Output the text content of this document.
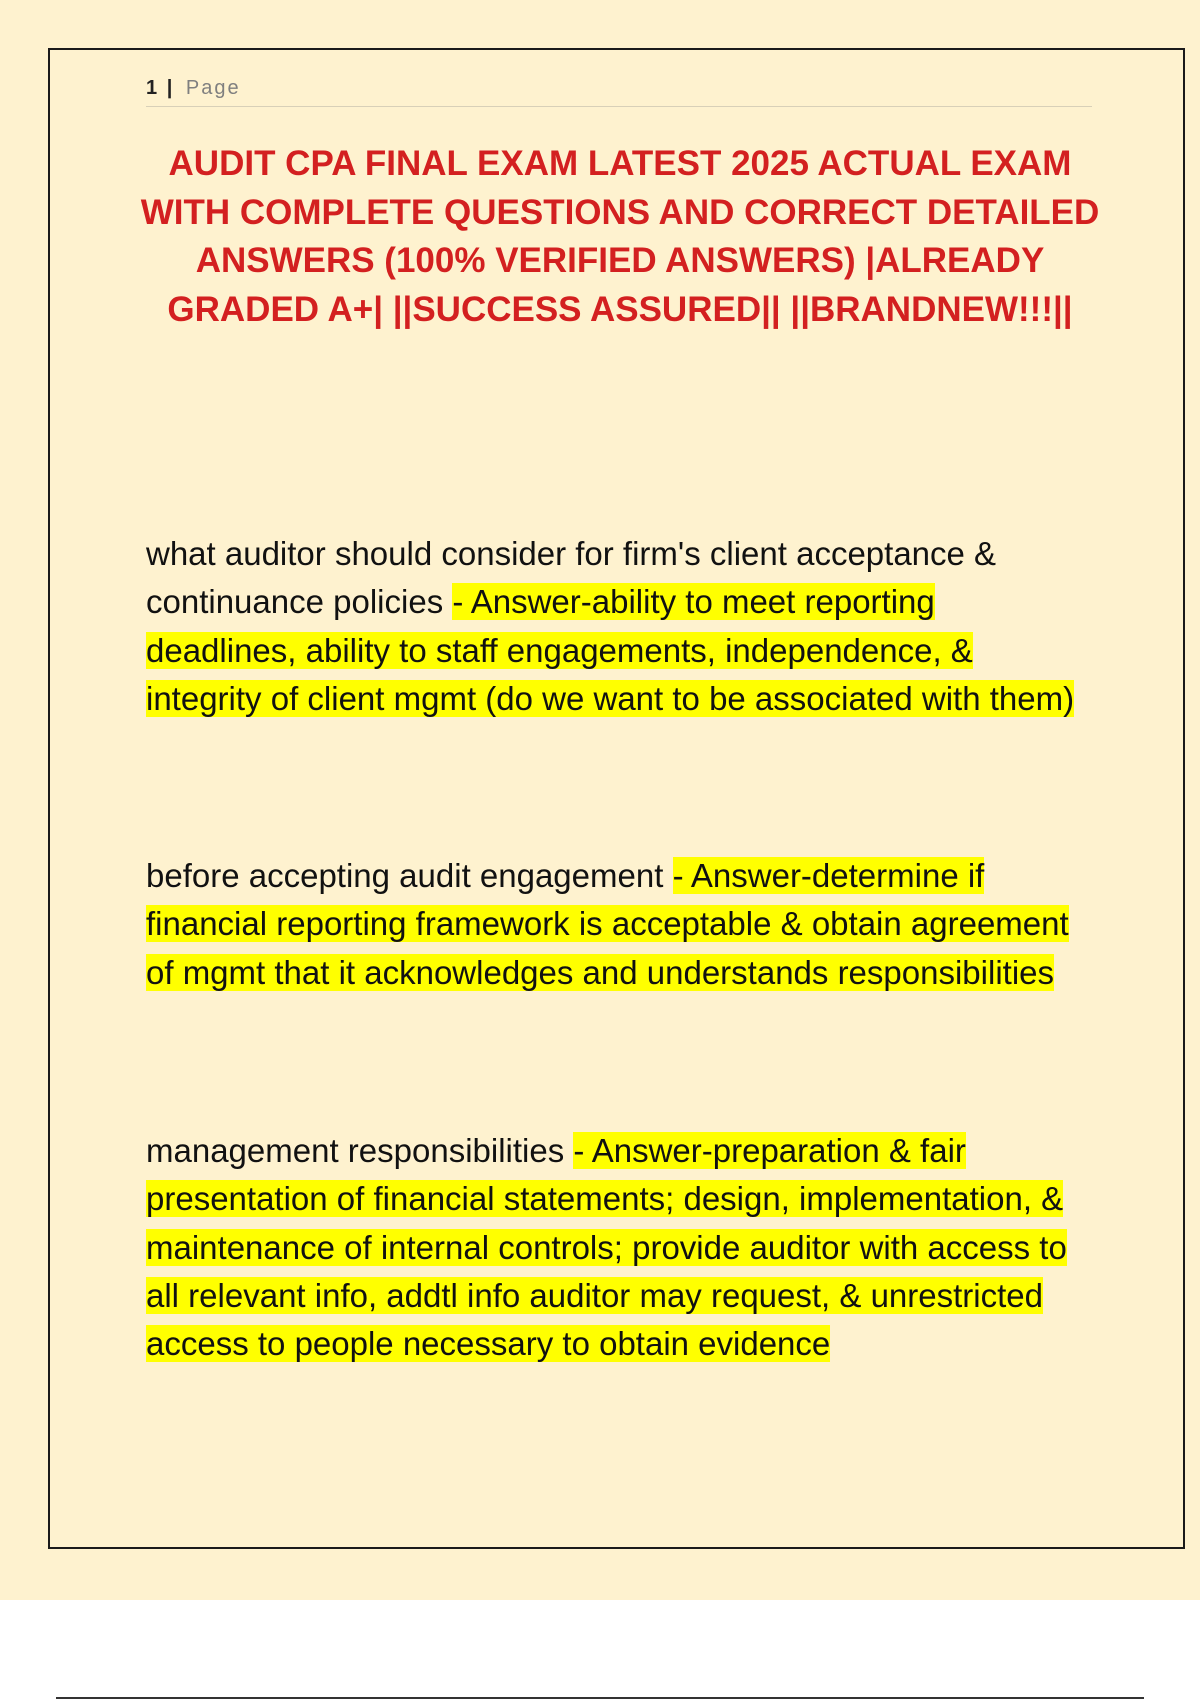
1 | Page
AUDIT CPA FINAL EXAM LATEST 2025 ACTUAL EXAM WITH COMPLETE QUESTIONS AND CORRECT DETAILED ANSWERS (100% VERIFIED ANSWERS) |ALREADY GRADED A+| ||SUCCESS ASSURED|| ||BRANDNEW!!!||

what auditor should consider for firm's client acceptance & continuance policies - Answer-ability to meet reporting deadlines, ability to staff engagements, independence, & integrity of client mgmt (do we want to be associated with them)

before accepting audit engagement - Answer-determine if financial reporting framework is acceptable & obtain agreement of mgmt that it acknowledges and understands responsibilities

management responsibilities - Answer-preparation & fair presentation of financial statements; design, implementation, & maintenance of internal controls; provide auditor with access to all relevant info, addtl info auditor may request, & unrestricted access to people necessary to obtain evidence
